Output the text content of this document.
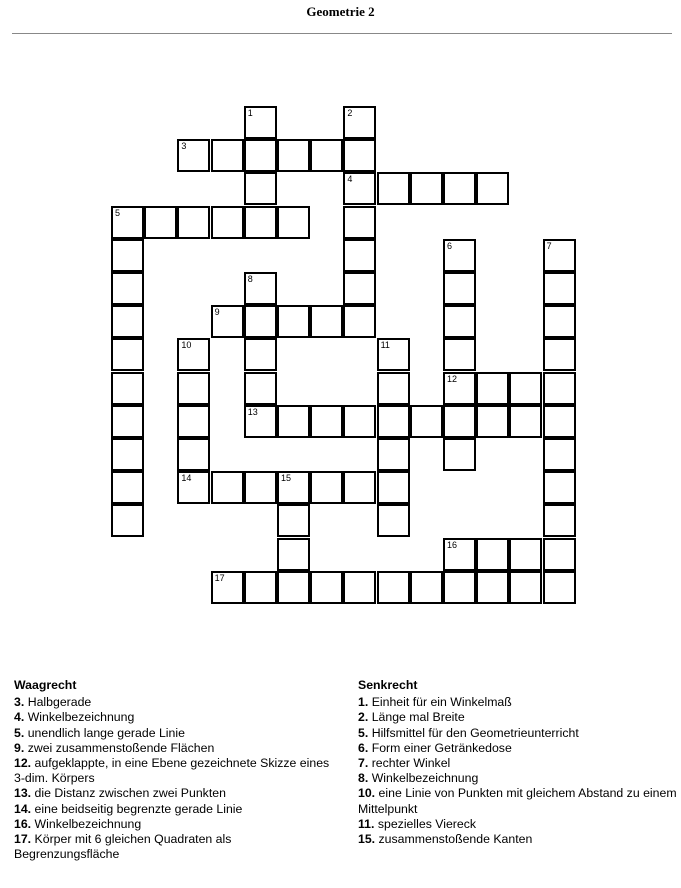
Geometrie 2
1	2
4
3
5
6
12
7
8
9
10	11
13
14	15
16
17
Waagrecht
3. Halbgerade
4. Winkelbezeichnung
5. unendlich lange gerade Linie
9. zwei zusammenstoßende Flächen
12. aufgeklappte, in eine Ebene gezeichnete Skizze eines 3-dim. Körpers
13. die Distanz zwischen zwei Punkten
14. eine beidseitig begrenzte gerade Linie
16. Winkelbezeichnung
17. Körper mit 6 gleichen Quadraten als Begrenzungsfläche
Senkrecht
1. Einheit für ein Winkelmaß
2. Länge mal Breite
5. Hilfsmittel für den Geometrieunterricht
6. Form einer Getränkedose
7. rechter Winkel
8. Winkelbezeichnung
10. eine Linie von Punkten mit gleichem Abstand zu einem Mittelpunkt
11. spezielles Viereck
15. zusammenstoßende Kanten
